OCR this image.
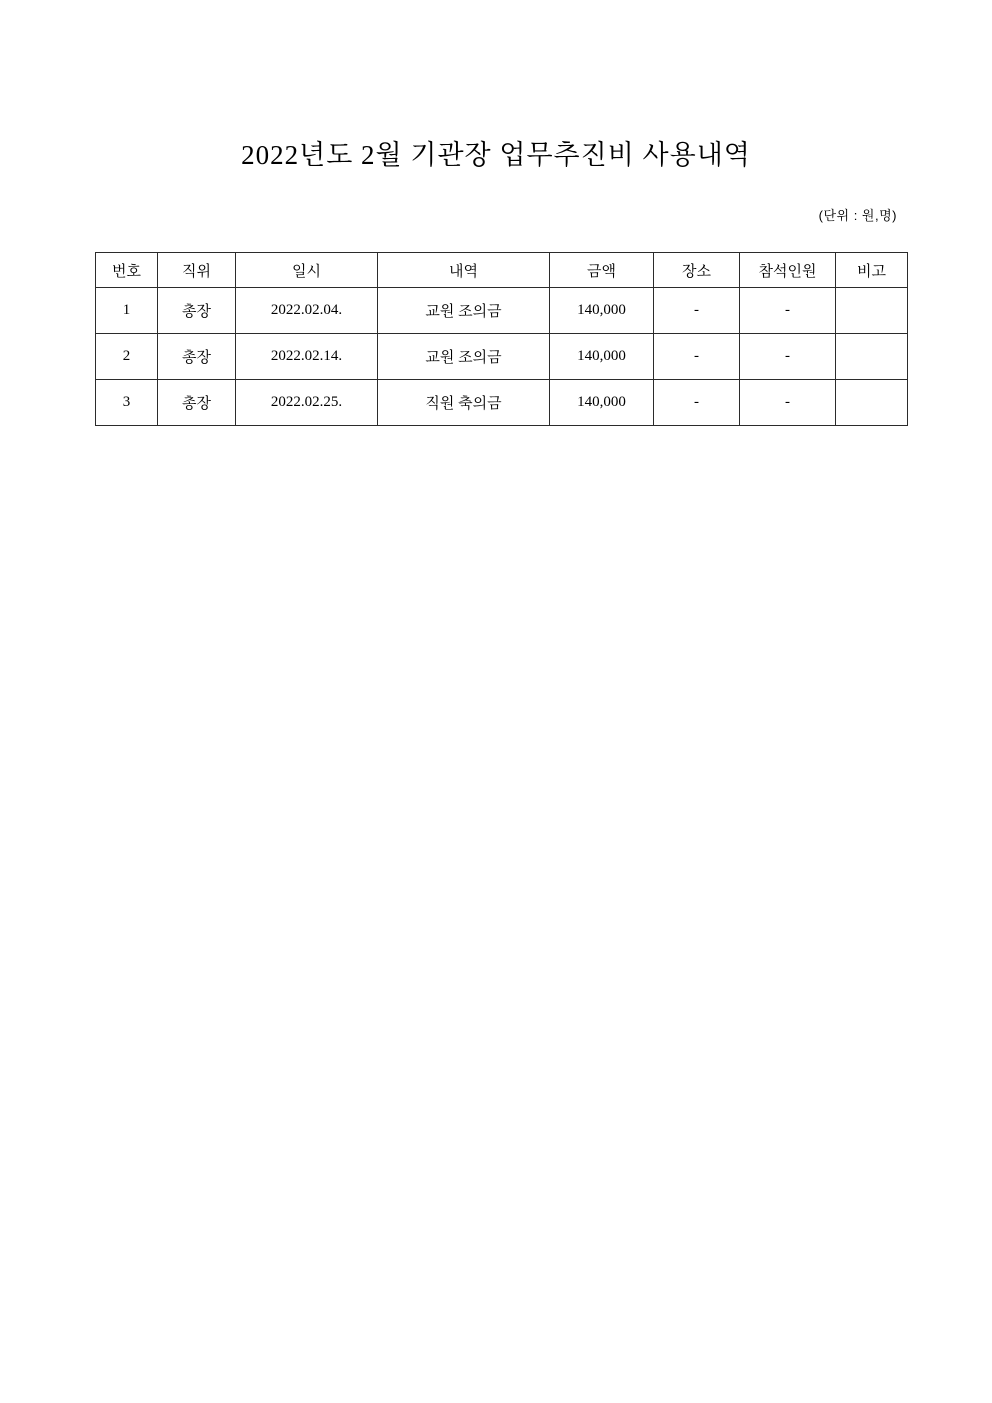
2022년도 2월 기관장 업무추진비 사용내역
(단위 : 원,명)
번호	직위	일시	내역	금액	장소	참석인원	비고
1	총장	2022.02.04.	교원 조의금	140,000	-	-	
2	총장	2022.02.14.	교원 조의금	140,000	-	-	
3	총장	2022.02.25.	직원 축의금	140,000	-	-	
